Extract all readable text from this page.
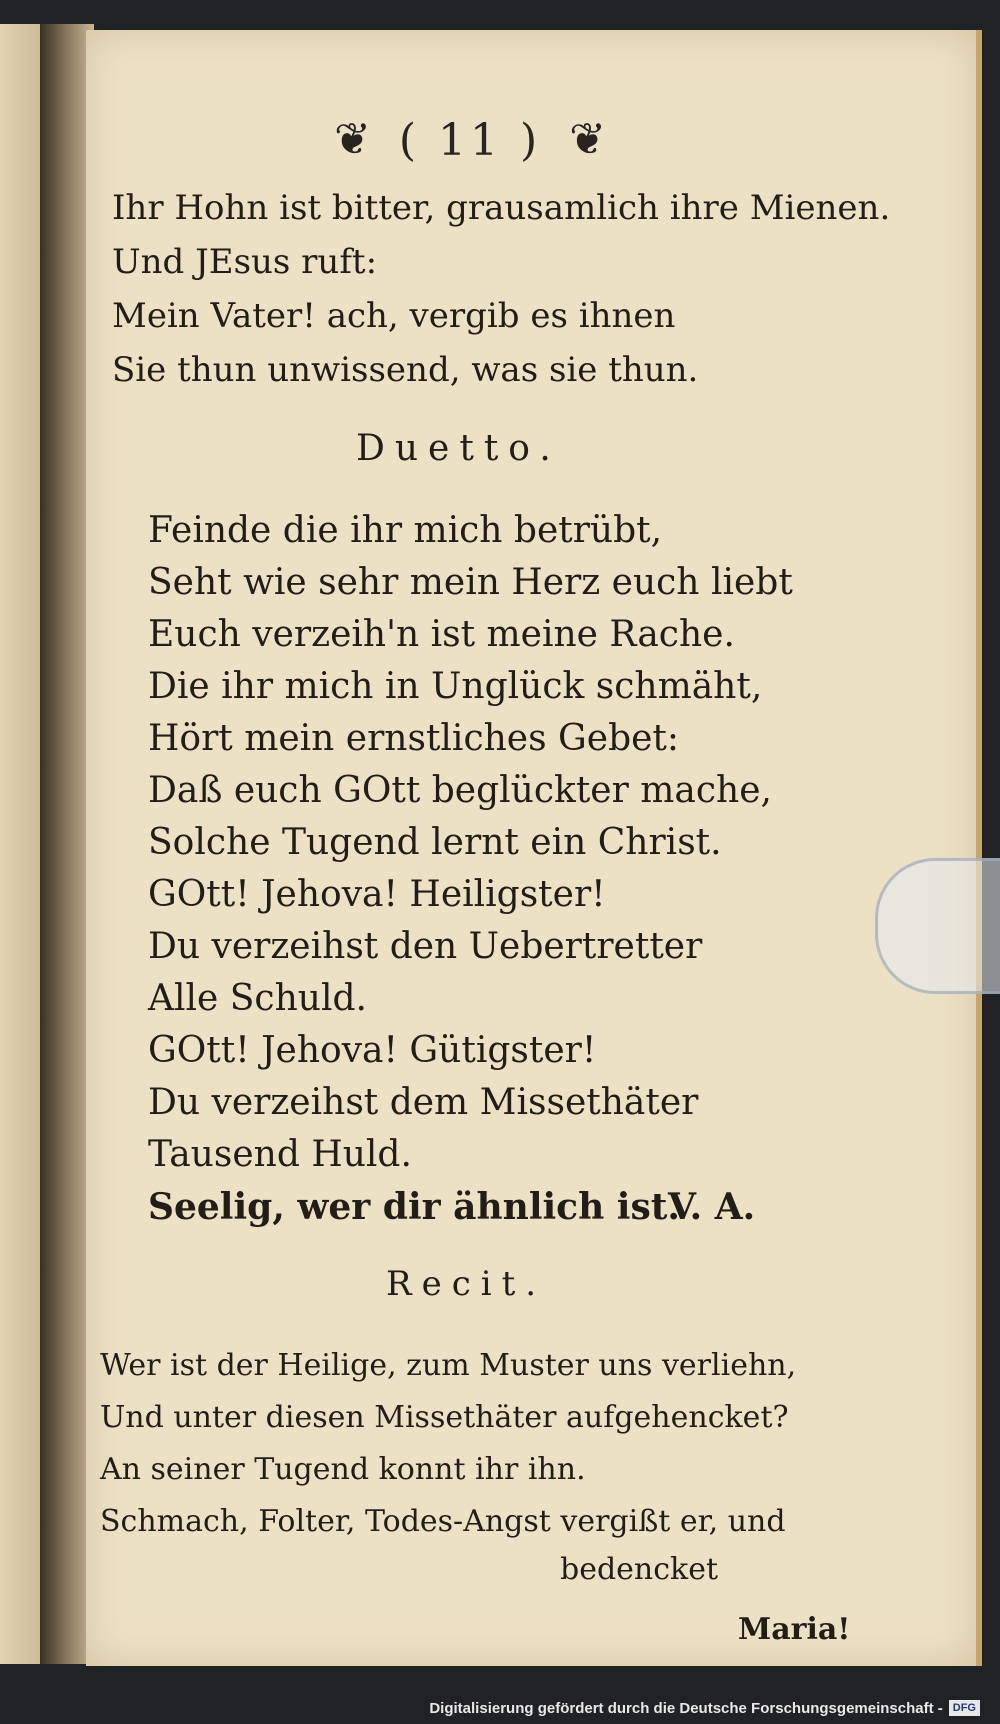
❦ ( 11 ) ❦
Ihr Hohn ist bitter, grausamlich ihre Mienen.
Und JEsus ruft:
Mein Vater! ach, vergib es ihnen
Sie thun unwissend, was sie thun.
Duetto.
Feinde die ihr mich betrübt,
Seht wie sehr mein Herz euch liebt
Euch verzeih'n ist meine Rache.
Die ihr mich in Unglück schmäht,
Hört mein ernstliches Gebet:
Daß euch GOtt beglückter mache,
Solche Tugend lernt ein Christ.
GOtt! Jehova! Heiligster!
Du verzeihst den Uebertretter
Alle Schuld.
GOtt! Jehova! Gütigster!
Du verzeihst dem Missethäter
Tausend Huld.
Seelig, wer dir ähnlich ist.
V. A.
Recit.
Wer ist der Heilige, zum Muster uns verliehn,
Und unter diesen Missethäter aufgehencket?
An seiner Tugend konnt ihr ihn.
Schmach, Folter, Todes-Angst vergißt er, und
bedencket
Maria!
Digitalisierung gefördert durch die Deutsche Forschungsgemeinschaft - DFG
